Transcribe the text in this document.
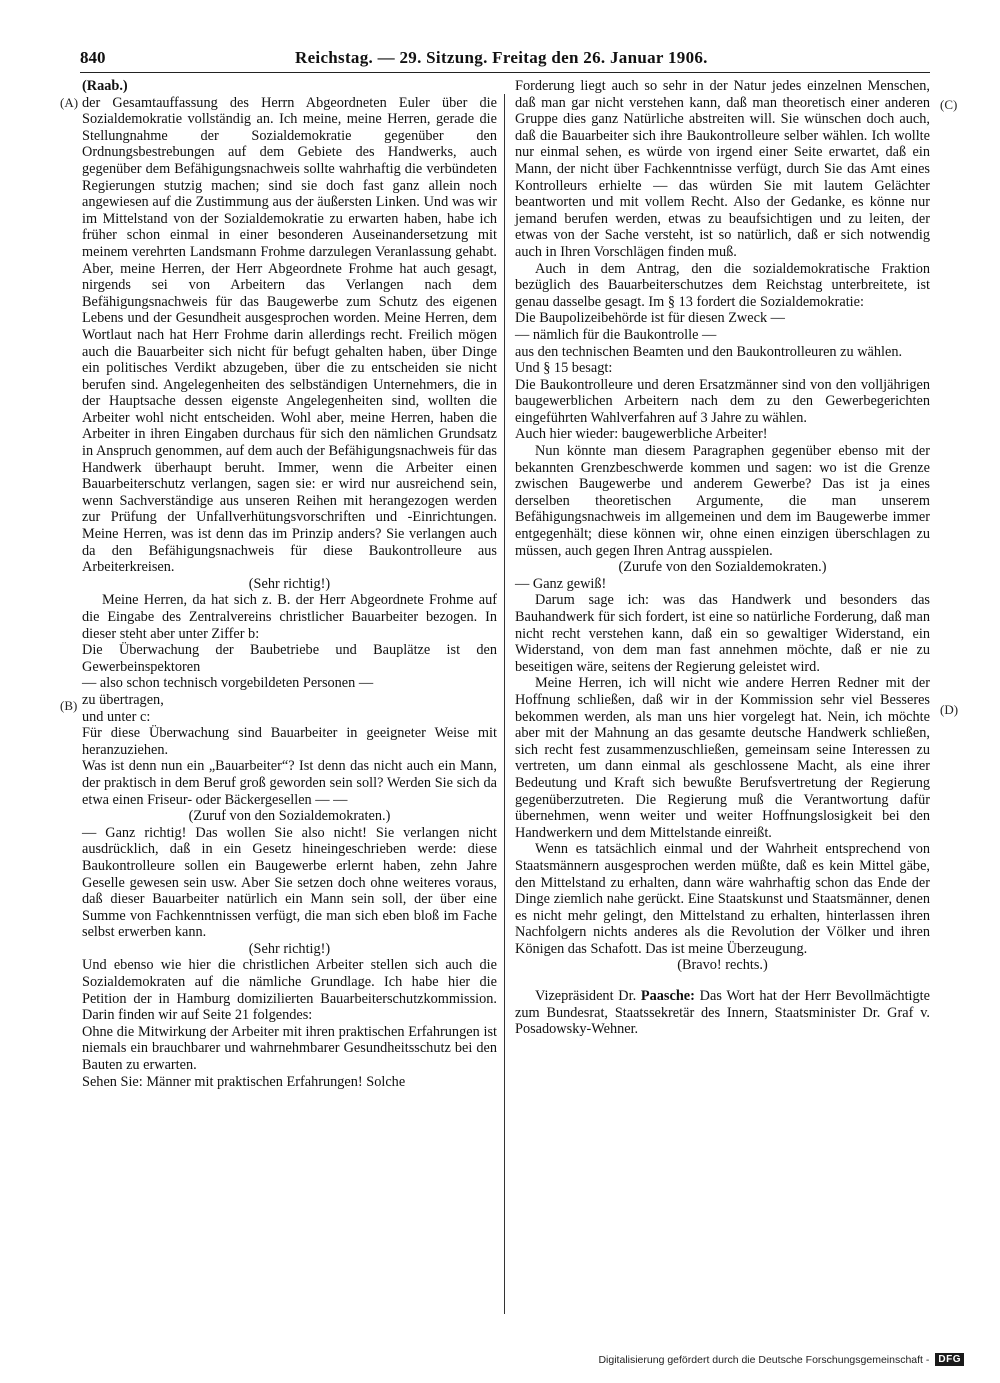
840	Reichstag. — 29. Sitzung. Freitag den 26. Januar 1906.
(A)
(B)
(C)
(D)

(Raab.)

der Gesamtauffassung des Herrn Abgeordneten Euler über die Sozialdemokratie vollständig an. Ich meine, meine Herren, gerade die Stellungnahme der Sozialdemokratie gegenüber den Ordnungsbestrebungen auf dem Gebiete des Handwerks, auch gegenüber dem Befähigungsnachweis sollte wahrhaftig die verbündeten Regierungen stutzig machen; sind sie doch fast ganz allein noch angewiesen auf die Zustimmung aus der äußersten Linken. Und was wir im Mittelstand von der Sozialdemokratie zu erwarten haben, habe ich früher schon einmal in einer besonderen Auseinandersetzung mit meinem verehrten Landsmann Frohme darzulegen Veranlassung gehabt. Aber, meine Herren, der Herr Abgeordnete Frohme hat auch gesagt, nirgends sei von Arbeitern das Verlangen nach dem Befähigungsnachweis für das Baugewerbe zum Schutz des eigenen Lebens und der Gesundheit ausgesprochen worden. Meine Herren, dem Wortlaut nach hat Herr Frohme darin allerdings recht. Freilich mögen auch die Bauarbeiter sich nicht für befugt gehalten haben, über Dinge ein politisches Verdikt abzugeben, über die zu entscheiden sie nicht berufen sind. Angelegenheiten des selbständigen Unternehmers, die in der Hauptsache dessen eigenste Angelegenheiten sind, wollten die Arbeiter wohl nicht entscheiden. Wohl aber, meine Herren, haben die Arbeiter in ihren Eingaben durchaus für sich den nämlichen Grundsatz in Anspruch genommen, auf dem auch der Befähigungsnachweis für das Handwerk überhaupt beruht. Immer, wenn die Arbeiter einen Bauarbeiterschutz verlangen, sagen sie: er wird nur ausreichend sein, wenn Sachverständige aus unseren Reihen mit herangezogen werden zur Prüfung der Unfallverhütungsvorschriften und -Einrichtungen. Meine Herren, was ist denn das im Prinzip anders? Sie verlangen auch da den Befähigungsnachweis für diese Baukontrolleure aus Arbeiterkreisen.

(Sehr richtig!)

Meine Herren, da hat sich z. B. der Herr Abgeordnete Frohme auf die Eingabe des Zentralvereins christlicher Bauarbeiter bezogen. In dieser steht aber unter Ziffer b:

Die Überwachung der Baubetriebe und Bauplätze ist den Gewerbeinspektoren

— also schon technisch vorgebildeten Personen —

zu übertragen,

und unter c:

Für diese Überwachung sind Bauarbeiter in geeigneter Weise mit heranzuziehen.

Was ist denn nun ein „Bauarbeiter“? Ist denn das nicht auch ein Mann, der praktisch in dem Beruf groß geworden sein soll? Werden Sie sich da etwa einen Friseur- oder Bäckergesellen — —

(Zuruf von den Sozialdemokraten.)

— Ganz richtig! Das wollen Sie also nicht! Sie verlangen nicht ausdrücklich, daß in ein Gesetz hineingeschrieben werde: diese Baukontrolleure sollen ein Baugewerbe erlernt haben, zehn Jahre Geselle gewesen sein usw. Aber Sie setzen doch ohne weiteres voraus, daß dieser Bauarbeiter natürlich ein Mann sein soll, der über eine Summe von Fachkenntnissen verfügt, die man sich eben bloß im Fache selbst erwerben kann.

(Sehr richtig!)

Und ebenso wie hier die christlichen Arbeiter stellen sich auch die Sozialdemokraten auf die nämliche Grundlage. Ich habe hier die Petition der in Hamburg domizilierten Bauarbeiterschutzkommission. Darin finden wir auf Seite 21 folgendes:

Ohne die Mitwirkung der Arbeiter mit ihren praktischen Erfahrungen ist niemals ein brauchbarer und wahrnehmbarer Gesundheitsschutz bei den Bauten zu erwarten.

Sehen Sie: Männer mit praktischen Erfahrungen! Solche

Forderung liegt auch so sehr in der Natur jedes einzelnen Menschen, daß man gar nicht verstehen kann, daß man theoretisch einer anderen Gruppe dies ganz Natürliche abstreiten will. Sie wünschen doch auch, daß die Bauarbeiter sich ihre Baukontrolleure selber wählen. Ich wollte nur einmal sehen, es würde von irgend einer Seite erwartet, daß ein Mann, der nicht über Fachkenntnisse verfügt, durch Sie das Amt eines Kontrolleurs erhielte — das würden Sie mit lautem Gelächter beantworten und mit vollem Recht. Also der Gedanke, es könne nur jemand berufen werden, etwas zu beaufsichtigen und zu leiten, der etwas von der Sache versteht, ist so natürlich, daß er sich notwendig auch in Ihren Vorschlägen finden muß.

Auch in dem Antrag, den die sozialdemokratische Fraktion bezüglich des Bauarbeiterschutzes dem Reichstag unterbreitete, ist genau dasselbe gesagt. Im § 13 fordert die Sozialdemokratie:

Die Baupolizeibehörde ist für diesen Zweck —

— nämlich für die Baukontrolle —

aus den technischen Beamten und den Baukontrolleuren zu wählen.

Und § 15 besagt:

Die Baukontrolleure und deren Ersatzmänner sind von den volljährigen baugewerblichen Arbeitern nach dem zu den Gewerbegerichten eingeführten Wahlverfahren auf 3 Jahre zu wählen.

Auch hier wieder: baugewerbliche Arbeiter!

Nun könnte man diesem Paragraphen gegenüber ebenso mit der bekannten Grenzbeschwerde kommen und sagen: wo ist die Grenze zwischen Baugewerbe und anderem Gewerbe? Das ist ja eines derselben theoretischen Argumente, die man unserem Befähigungsnachweis im allgemeinen und dem im Baugewerbe immer entgegenhält; diese können wir, ohne einen einzigen überschlagen zu müssen, auch gegen Ihren Antrag ausspielen.

(Zurufe von den Sozialdemokraten.)

— Ganz gewiß!

Darum sage ich: was das Handwerk und besonders das Bauhandwerk für sich fordert, ist eine so natürliche Forderung, daß man nicht recht verstehen kann, daß ein so gewaltiger Widerstand, ein Widerstand, von dem man fast annehmen möchte, daß er nie zu beseitigen wäre, seitens der Regierung geleistet wird.

Meine Herren, ich will nicht wie andere Herren Redner mit der Hoffnung schließen, daß wir in der Kommission sehr viel Besseres bekommen werden, als man uns hier vorgelegt hat. Nein, ich möchte aber mit der Mahnung an das gesamte deutsche Handwerk schließen, sich recht fest zusammenzuschließen, gemeinsam seine Interessen zu vertreten, um dann einmal als geschlossene Macht, als eine ihrer Bedeutung und Kraft sich bewußte Berufsvertretung der Regierung gegenüberzutreten. Die Regierung muß die Verantwortung dafür übernehmen, wenn weiter und weiter Hoffnungslosigkeit bei den Handwerkern und dem Mittelstande einreißt.

Wenn es tatsächlich einmal und der Wahrheit entsprechend von Staatsmännern ausgesprochen werden müßte, daß es kein Mittel gäbe, den Mittelstand zu erhalten, dann wäre wahrhaftig schon das Ende der Dinge ziemlich nahe gerückt. Eine Staatskunst und Staatsmänner, denen es nicht mehr gelingt, den Mittelstand zu erhalten, hinterlassen ihren Nachfolgern nichts anderes als die Revolution der Völker und ihren Königen das Schafott. Das ist meine Überzeugung.

(Bravo! rechts.)

Vizepräsident Dr. Paasche: Das Wort hat der Herr Bevollmächtigte zum Bundesrat, Staatssekretär des Innern, Staatsminister Dr. Graf v. Posadowsky-Wehner.

Digitalisierung gefördert durch die Deutsche Forschungsgemeinschaft - DFG
